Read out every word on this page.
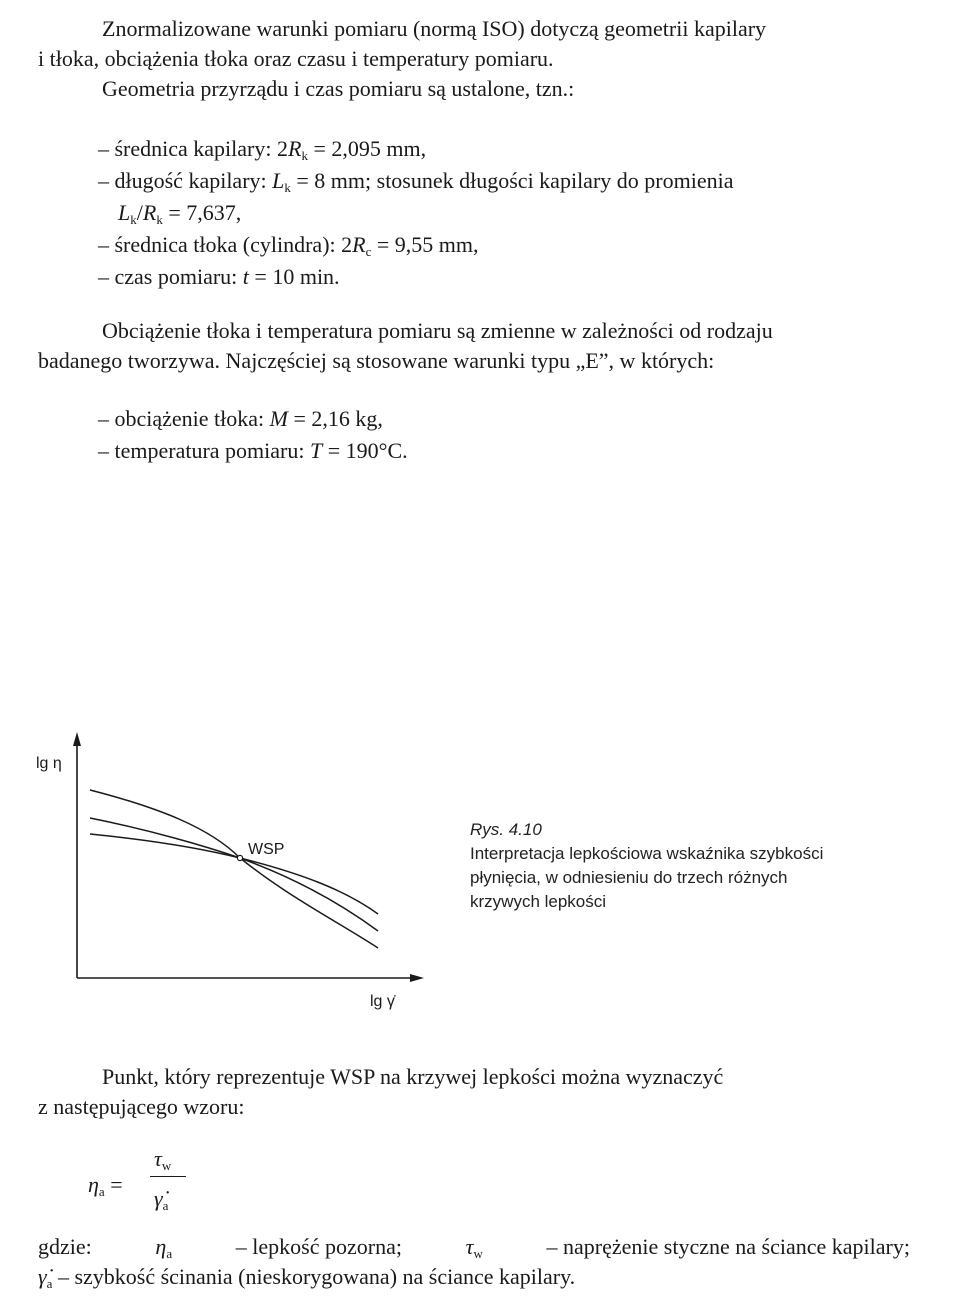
Znormalizowane warunki pomiaru (normą ISO) dotyczą geometrii kapilary
i tłoka, obciążenia tłoka oraz czasu i temperatury pomiaru.
Geometria przyrządu i czas pomiaru są ustalone, tzn.:
– średnica kapilary: $2R_k = 2,095$ mm,
– długość kapilary: $L_k = 8$ mm; stosunek długości kapilary do promienia
$L_k/R_k = 7,637$,
– średnica tłoka (cylindra): $2R_c = 9,55$ mm,
– czas pomiaru: t = 10 min.
Obciążenie tłoka i temperatura pomiaru są zmienne w zależności od rodzaju
badanego tworzywa. Najczęściej są stosowane warunki typu „E”, w których:
– obciążenie tłoka: M = 2,16 kg,
– temperatura pomiaru: T = 190°C.
WSP
lg η
lg γ̇
Rys. 4.10
Interpretacja lepkościowa wskaźnika szybkości
płynięcia, w odniesieniu do trzech różnych
krzywych lepkości
Punkt, który reprezentuje WSP na krzywej lepkości można wyznaczyć
z następującego wzoru:
$\eta_a$ =
$\tau_w$
$\gammȧ_a$
gdzie:	$\eta_a$	– lepkość pozorna;	$\tau_w$	– naprężenie styczne na ściance kapilary;
$\gammȧ_a$ – szybkość ścinania (nieskorygowana) na ściance kapilary.
